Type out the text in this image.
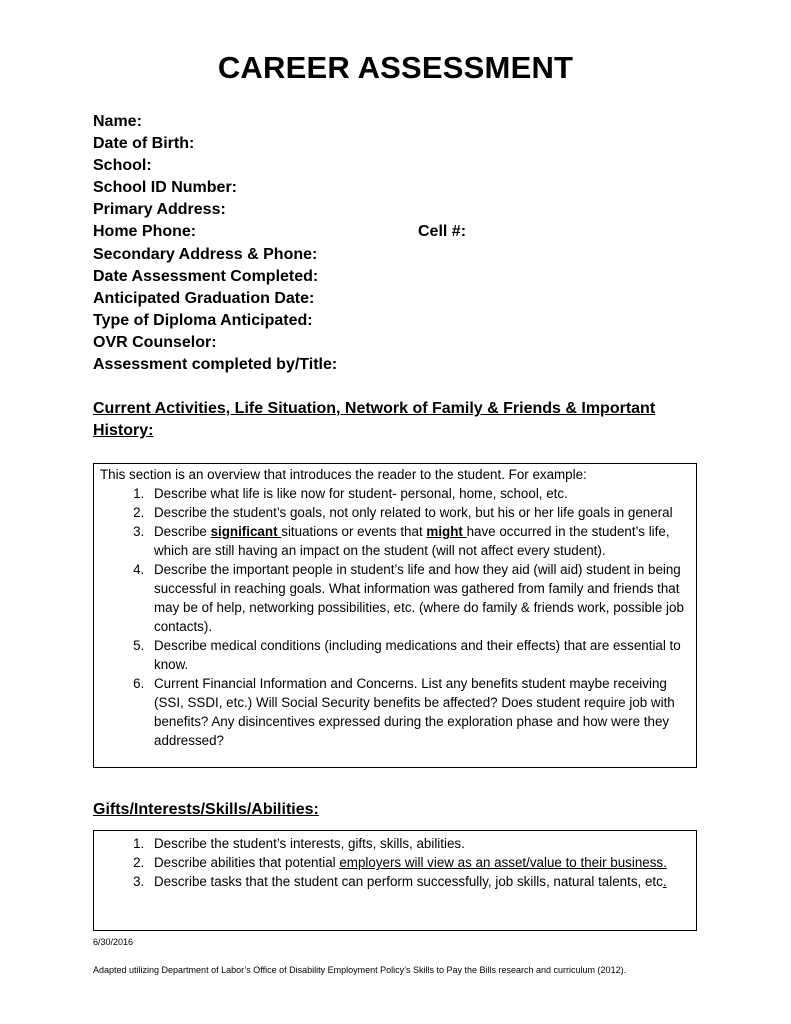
CAREER ASSESSMENT
Name:
Date of Birth:
School:
School ID Number:
Primary Address:
Home Phone:	Cell #:
Secondary Address & Phone:
Date Assessment Completed:
Anticipated Graduation Date:
Type of Diploma Anticipated:
OVR Counselor:
Assessment completed by/Title:
Current Activities, Life Situation, Network of Family & Friends & Important History:

This section is an overview that introduces the reader to the student. For example:

1. Describe what life is like now for student- personal, home, school, etc.
2. Describe the student’s goals, not only related to work, but his or her life goals in general
3. Describe significant situations or events that might have occurred in the student’s life, which are still having an impact on the student (will not affect every student).
4. Describe the important people in student’s life and how they aid (will aid) student in being successful in reaching goals. What information was gathered from family and friends that may be of help, networking possibilities, etc. (where do family & friends work, possible job contacts).
5. Describe medical conditions (including medications and their effects) that are essential to know.
6. Current Financial Information and Concerns. List any benefits student maybe receiving (SSI, SSDI, etc.) Will Social Security benefits be affected? Does student require job with benefits? Any disincentives expressed during the exploration phase and how were they addressed?
Gifts/Interests/Skills/Abilities:
1. Describe the student’s interests, gifts, skills, abilities.
2. Describe abilities that potential employers will view as an asset/value to their business.
3. Describe tasks that the student can perform successfully, job skills, natural talents, etc.
6/30/2016
Adapted utilizing Department of Labor’s Office of Disability Employment Policy’s Skills to Pay the Bills research and curriculum (2012).
